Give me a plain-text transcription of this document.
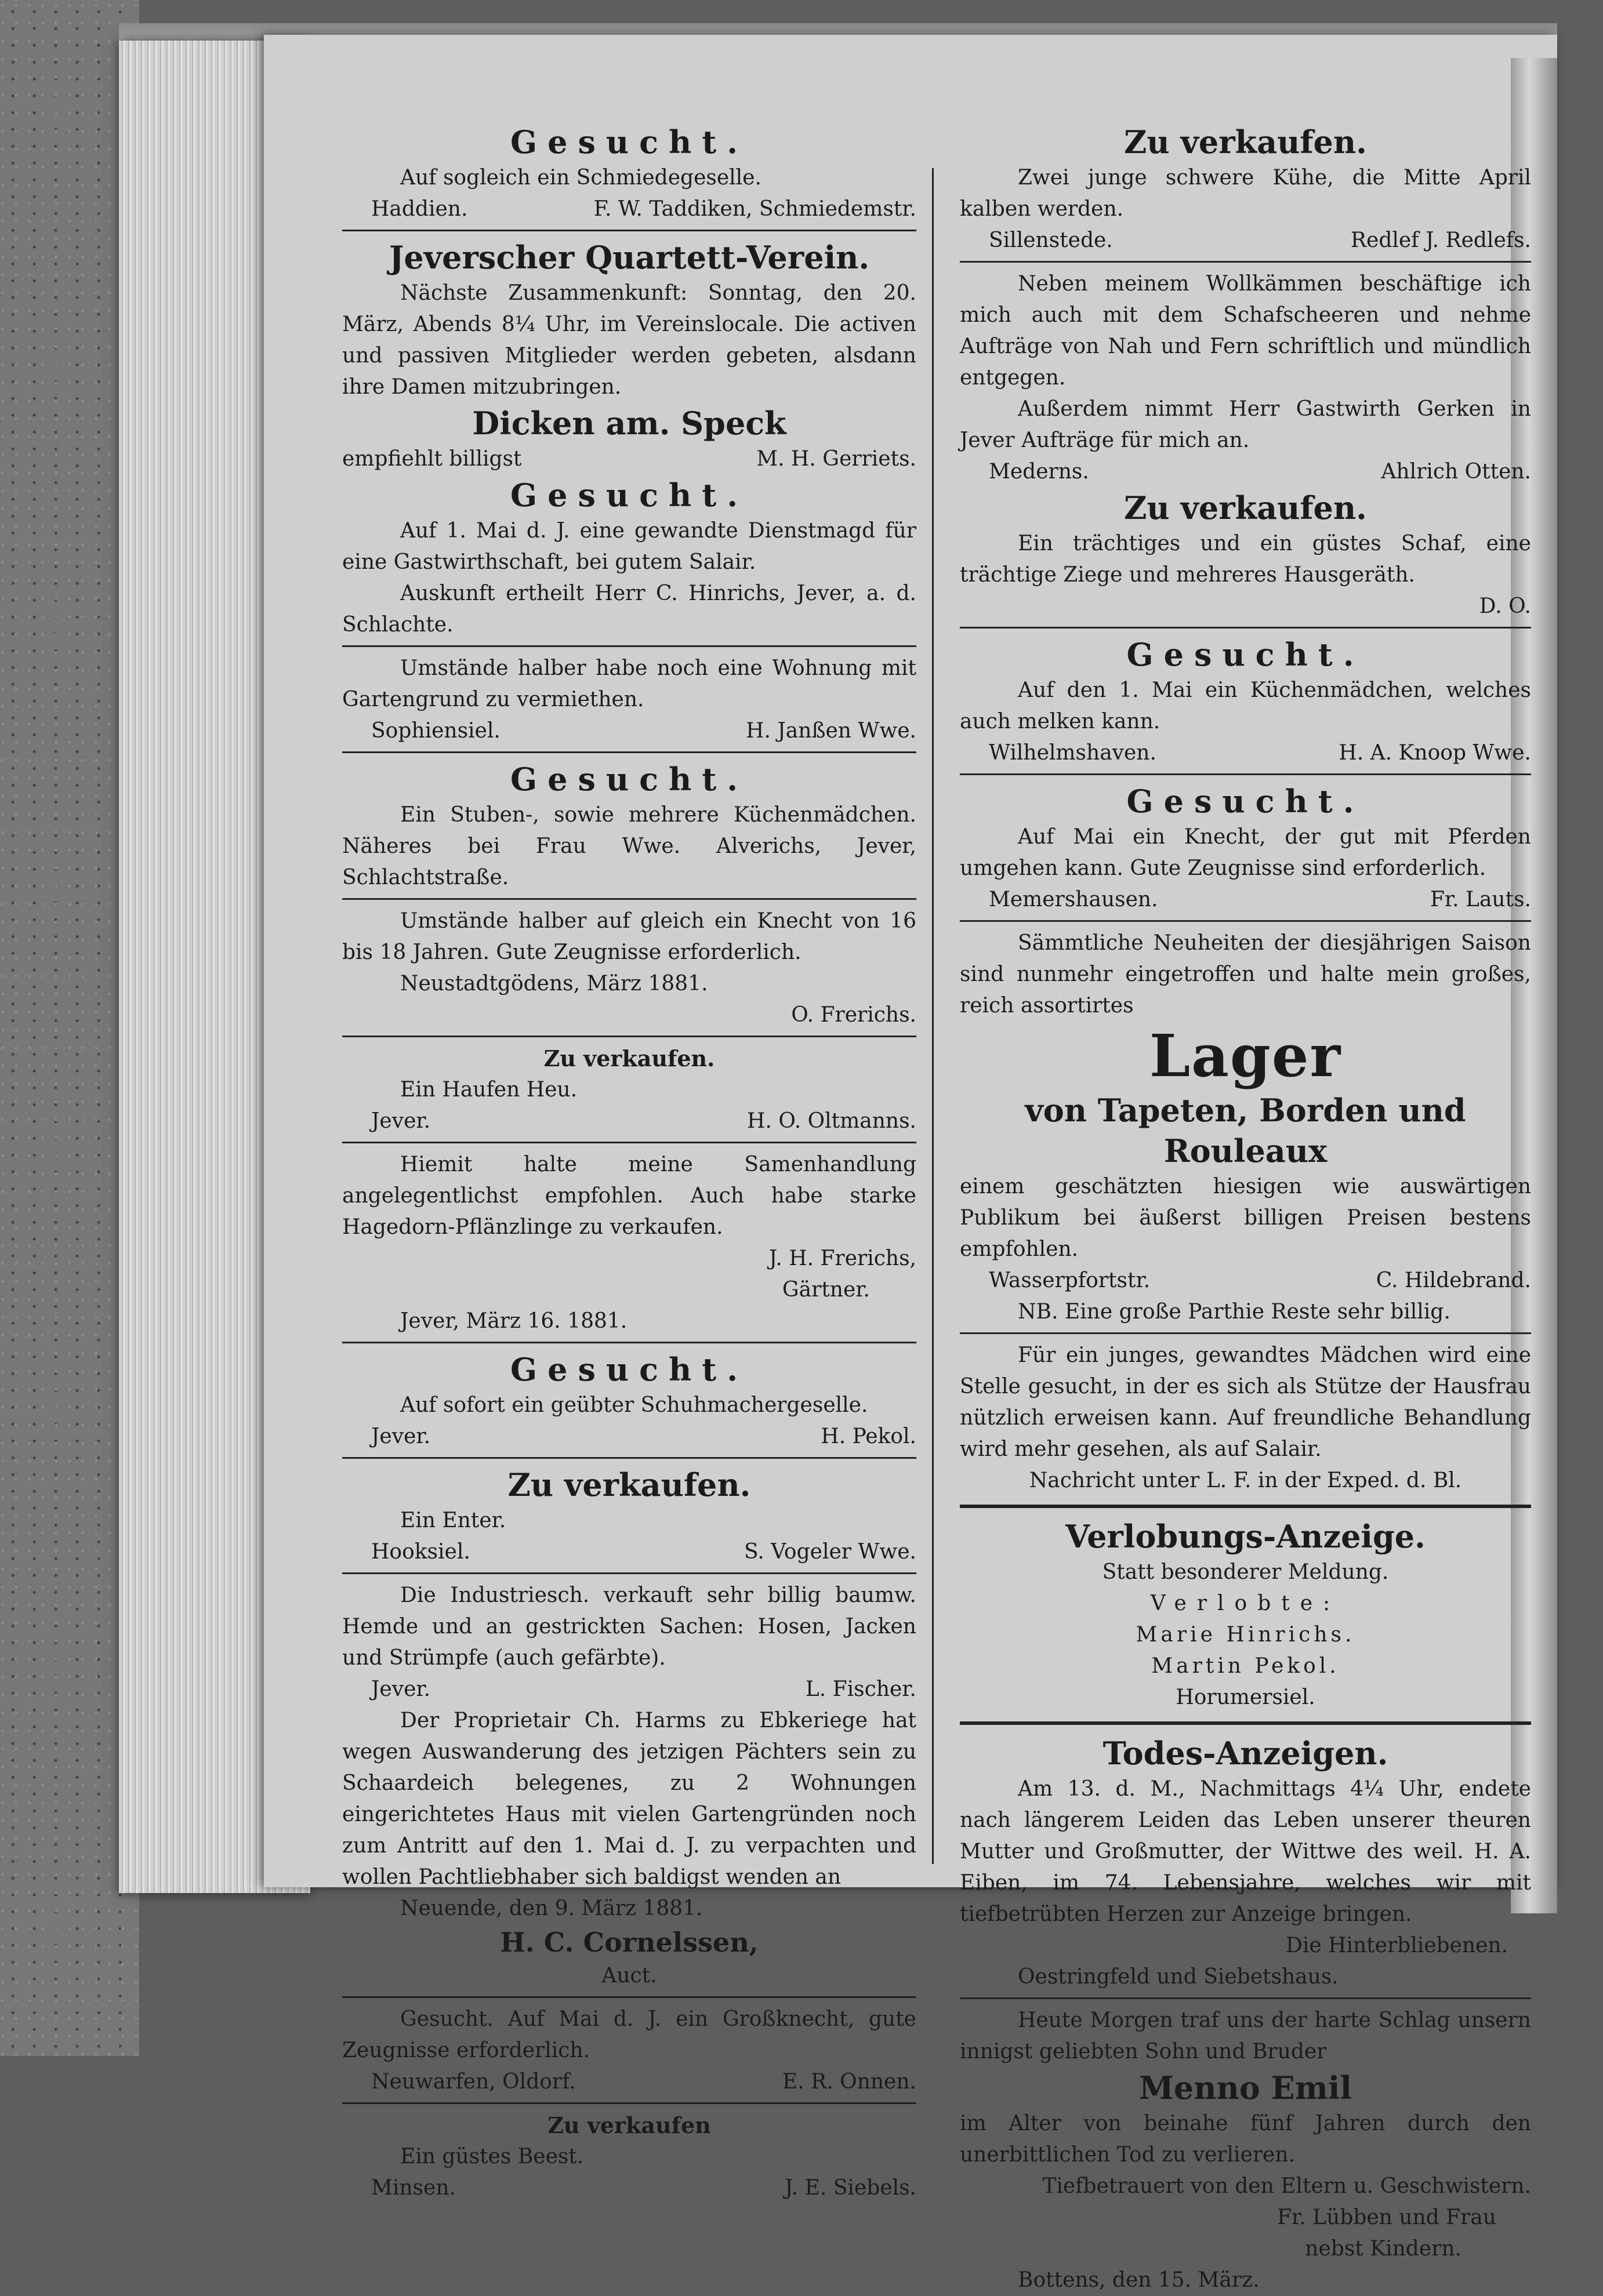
Gesucht.

Auf sogleich ein Schmiedegeselle.

Haddien.	F. W. Taddiken, Schmiedemstr.

Jeverscher Quartett-Verein.

Nächste Zusammenkunft: Sonntag, den 20. März, Abends 8¼ Uhr, im Vereinslocale. Die activen und passiven Mitglieder werden gebeten, alsdann ihre Damen mitzubringen.

Dicken am. Speck

empfiehlt billigst	M. H. Gerriets.

Gesucht.

Auf 1. Mai d. J. eine gewandte Dienstmagd für eine Gastwirthschaft, bei gutem Salair.

Auskunft ertheilt Herr C. Hinrichs, Jever, a. d. Schlachte.

Umstände halber habe noch eine Wohnung mit Gartengrund zu vermiethen.

Sophiensiel.	H. Janßen Wwe.

Gesucht.

Ein Stuben-, sowie mehrere Küchenmädchen. Näheres bei Frau Wwe. Alverichs, Jever, Schlachtstraße.

Umstände halber auf gleich ein Knecht von 16 bis 18 Jahren. Gute Zeugnisse erforderlich.

Neustadtgödens, März 1881.

O. Frerichs.

Zu verkaufen.

Ein Haufen Heu.

Jever.	H. O. Oltmanns.

Hiemit halte meine Samenhandlung angelegentlichst empfohlen. Auch habe starke Hagedorn-Pflänzlinge zu verkaufen.

J. H. Frerichs,

Gärtner.

Jever, März 16. 1881.

Gesucht.

Auf sofort ein geübter Schuhmachergeselle.

Jever.	H. Pekol.

Zu verkaufen.

Ein Enter.

Hooksiel.	S. Vogeler Wwe.

Die Industriesch. verkauft sehr billig baumw. Hemde und an gestrickten Sachen: Hosen, Jacken und Strümpfe (auch gefärbte).

Jever.	L. Fischer.

Der Proprietair Ch. Harms zu Ebkeriege hat wegen Auswanderung des jetzigen Pächters sein zu Schaardeich belegenes, zu 2 Wohnungen eingerichtetes Haus mit vielen Gartengründen noch zum Antritt auf den 1. Mai d. J. zu verpachten und wollen Pachtliebhaber sich baldigst wenden an

Neuende, den 9. März 1881.

H. C. Cornelssen,

Auct.

Gesucht. Auf Mai d. J. ein Großknecht, gute Zeugnisse erforderlich.

Neuwarfen, Oldorf.	E. R. Onnen.

Zu verkaufen

Ein güstes Beest.

Minsen.	J. E. Siebels.

Zu verkaufen.

Zwei junge schwere Kühe, die Mitte April kalben werden.

Sillenstede.	Redlef J. Redlefs.

Neben meinem Wollkämmen beschäftige ich mich auch mit dem Schafscheeren und nehme Aufträge von Nah und Fern schriftlich und mündlich entgegen.

Außerdem nimmt Herr Gastwirth Gerken in Jever Aufträge für mich an.

Mederns.	Ahlrich Otten.

Zu verkaufen.

Ein trächtiges und ein güstes Schaf, eine trächtige Ziege und mehreres Hausgeräth.

D. O.

Gesucht.

Auf den 1. Mai ein Küchenmädchen, welches auch melken kann.

Wilhelmshaven.	H. A. Knoop Wwe.

Gesucht.

Auf Mai ein Knecht, der gut mit Pferden umgehen kann. Gute Zeugnisse sind erforderlich.

Memershausen.	Fr. Lauts.

Sämmtliche Neuheiten der diesjährigen Saison sind nunmehr eingetroffen und halte mein großes, reich assortirtes

Lager

von Tapeten, Borden und Rouleaux

einem geschätzten hiesigen wie auswärtigen Publikum bei äußerst billigen Preisen bestens empfohlen.

Wasserpfortstr.	C. Hildebrand.

NB. Eine große Parthie Reste sehr billig.

Für ein junges, gewandtes Mädchen wird eine Stelle gesucht, in der es sich als Stütze der Hausfrau nützlich erweisen kann. Auf freundliche Behandlung wird mehr gesehen, als auf Salair.

Nachricht unter L. F. in der Exped. d. Bl.

Verlobungs-Anzeige.

Statt besonderer Meldung.

Verlobte:

Marie Hinrichs.

Martin Pekol.

Horumersiel.

Todes-Anzeigen.

Am 13. d. M., Nachmittags 4¼ Uhr, endete nach längerem Leiden das Leben unserer theuren Mutter und Großmutter, der Wittwe des weil. H. A. Eiben, im 74. Lebensjahre, welches wir mit tiefbetrübten Herzen zur Anzeige bringen.

Die Hinterbliebenen.

Oestringfeld und Siebetshaus.

Heute Morgen traf uns der harte Schlag unsern innigst geliebten Sohn und Bruder

Menno Emil

im Alter von beinahe fünf Jahren durch den unerbittlichen Tod zu verlieren.

Tiefbetrauert von den Eltern u. Geschwistern.

Fr. Lübben und Frau

nebst Kindern.

Bottens, den 15. März.
